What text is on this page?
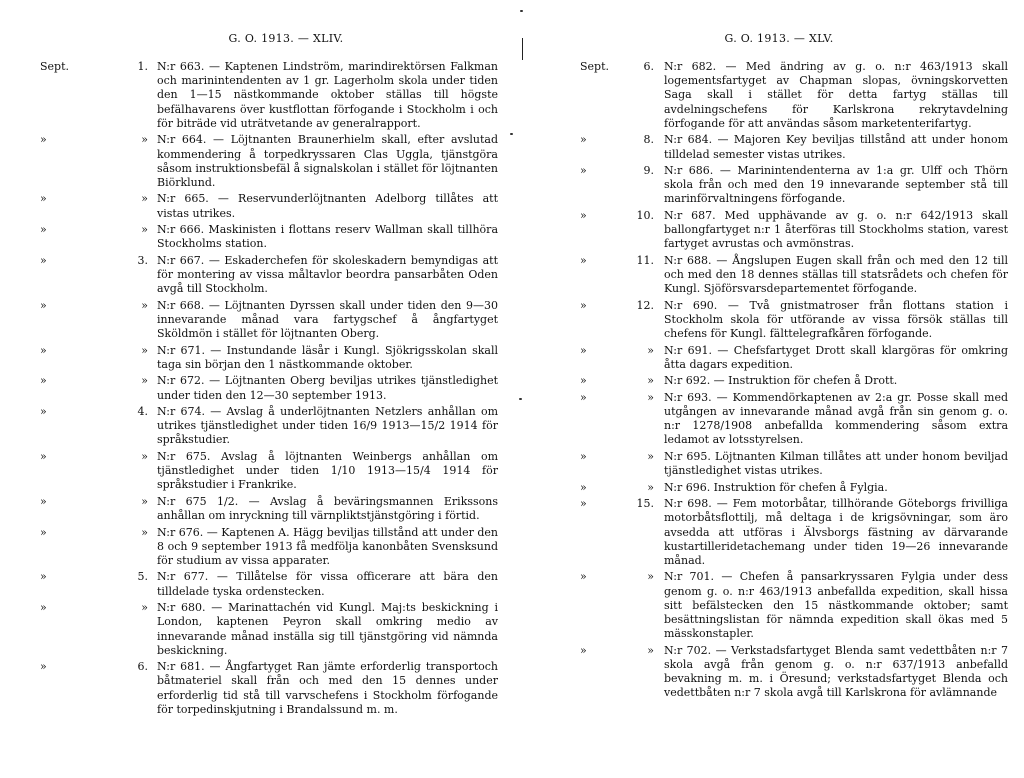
G. O. 1913. — XLIV.
Sept.	1. N:r 663. — Kaptenen Lindström, marindirektörsen Falkman och marinintendenten av 1 gr. Lagerholm skola under tiden den 1—15 nästkommande oktober ställas till högste befälhavarens över kustflottan förfogande i Stockholm i och för biträde vid uträtvetande av generalrapport.
»	» N:r 664. — Löjtnanten Braunerhielm skall, efter avslutad kommendering å torpedkryssaren Clas Uggla, tjänstgöra såsom instruktionsbefäl å signalskolan i stället för löjtnanten Biörklund.
»	» N:r 665. — Reservunderlöjtnanten Adelborg tillåtes att vistas utrikes.
»	» N:r 666. Maskinisten i flottans reserv Wallman skall tillhöra Stockholms station.
»	3. N:r 667. — Eskaderchefen för skoleskadern bemyndigas att för montering av vissa måltavlor beordra pansarbåten Oden avgå till Stockholm.
»	» N:r 668. — Löjtnanten Dyrssen skall under tiden den 9—30 innevarande månad vara fartygschef å ångfartyget Sköldmön i stället för löjtnanten Oberg.
»	» N:r 671. — Instundande läsår i Kungl. Sjökrigsskolan skall taga sin början den 1 nästkommande oktober.
»	» N:r 672. — Löjtnanten Oberg beviljas utrikes tjänstledighet under tiden den 12—30 september 1913.
»	4. N:r 674. — Avslag å underlöjtnanten Netzlers anhållan om utrikes tjänstledighet under tiden 16/9 1913—15/2 1914 för språkstudier.
»	» N:r 675. Avslag å löjtnanten Weinbergs anhållan om tjänstledighet under tiden 1/10 1913—15/4 1914 för språkstudier i Frankrike.
»	» N:r 675 1/2. — Avslag å beväringsmannen Erikssons anhållan om inryckning till värnpliktstjänstgöring i förtid.
»	» N:r 676. — Kaptenen A. Hägg beviljas tillstånd att under den 8 och 9 september 1913 få medfölja kanonbåten Svensksund för studium av vissa apparater.
»	5. N:r 677. — Tillåtelse för vissa officerare att bära den tilldelade tyska ordenstecken.
»	» N:r 680. — Marinattachén vid Kungl. Maj:ts beskickning i London, kaptenen Peyron skall omkring medio av innevarande månad inställa sig till tjänstgöring vid nämnda beskickning.
»	6. N:r 681. — Ångfartyget Ran jämte erforderlig transportoch båtmateriel skall från och med den 15 dennes under erforderlig tid stå till varvschefens i Stockholm förfogande för torpedinskjutning i Brandalssund m. m.
G. O. 1913. — XLV.
Sept.	6. N:r 682. — Med ändring av g. o. n:r 463/1913 skall logementsfartyget av Chapman slopas, övningskorvetten Saga skall i stället för detta fartyg ställas till avdelningschefens för Karlskrona rekrytavdelning förfogande för att användas såsom marketenterifartyg.
»	8. N:r 684. — Majoren Key beviljas tillstånd att under honom tilldelad semester vistas utrikes.
»	9. N:r 686. — Marinintendenterna av 1:a gr. Ulff och Thörn skola från och med den 19 innevarande september stå till marinförvaltningens förfogande.
»	10. N:r 687. Med upphävande av g. o. n:r 642/1913 skall ballongfartyget n:r 1 återföras till Stockholms station, varest fartyget avrustas och avmönstras.
»	11. N:r 688. — Ångslupen Eugen skall från och med den 12 till och med den 18 dennes ställas till statsrådets och chefen för Kungl. Sjöförsvarsdepartementet förfogande.
»	12. N:r 690. — Två gnistmatroser från flottans station i Stockholm skola för utförande av vissa försök ställas till chefens för Kungl. fälttelegrafkåren förfogande.
»	» N:r 691. — Chefsfartyget Drott skall klargöras för omkring åtta dagars expedition.
»	» N:r 692. — Instruktion för chefen å Drott.
»	» N:r 693. — Kommendörkaptenen av 2:a gr. Posse skall med utgången av innevarande månad avgå från sin genom g. o. n:r 1278/1908 anbefallda kommendering såsom extra ledamot av lotsstyrelsen.
»	» N:r 695. Löjtnanten Kilman tillåtes att under honom beviljad tjänstledighet vistas utrikes.
»	» N:r 696. Instruktion för chefen å Fylgia.
»	15. N:r 698. — Fem motorbåtar, tillhörande Göteborgs frivilliga motorbåtsflottilj, må deltaga i de krigsövningar, som äro avsedda att utföras i Älvsborgs fästning av därvarande kustartilleridetachemang under tiden 19—26 innevarande månad.
»	» N:r 701. — Chefen å pansarkryssaren Fylgia under dess genom g. o. n:r 463/1913 anbefallda expedition, skall hissa sitt befälstecken den 15 nästkommande oktober; samt besättningslistan för nämnda expedition skall ökas med 5 mässkonstapler.
»	» N:r 702. — Verkstadsfartyget Blenda samt vedettbåten n:r 7 skola avgå från genom g. o. n:r 637/1913 anbefalld bevakning m. m. i Öresund; verkstadsfartyget Blenda och vedettbåten n:r 7 skola avgå till Karlskrona för avlämnande
